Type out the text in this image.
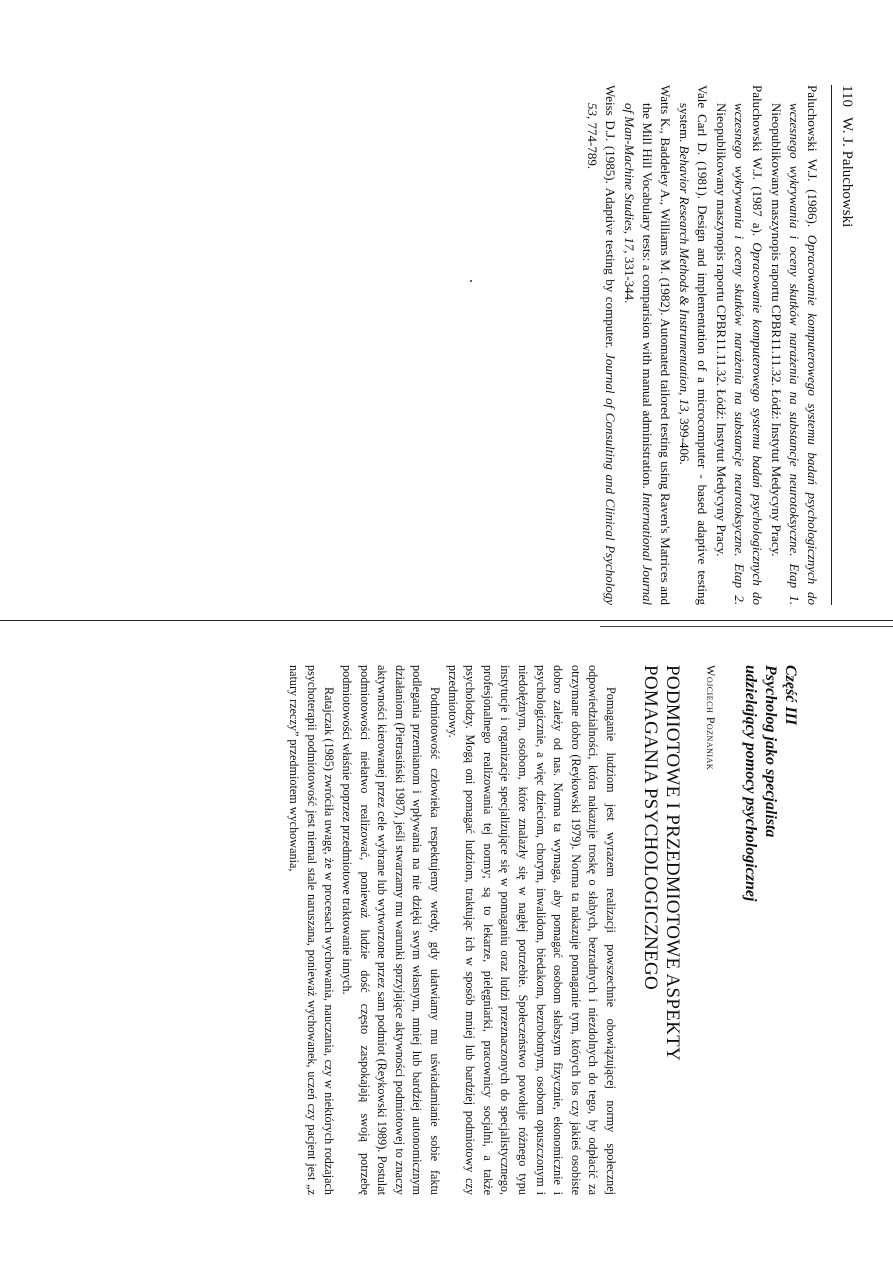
110
W. J. Paluchowski

Paluchowski W.J. (1986). Opracowanie komputerowego systemu badań psychologicznych do wczesnego wykrywania i oceny skutków narażenia na substancje neurotoksyczne. Etap 1. Nieopublikowany maszynopis raportu CPBR11.11.32. Łódź: Instytut Medycyny Pracy.

Paluchowski W.J. (1987 a). Opracowanie komputerowego systemu badań psychologicznych do wczesnego wykrywania i oceny skutków narażenia na substancje neurotoksyczne. Etap 2. Nieopublikowany maszynopis raportu CPBR11.11.32. Łódź: Instytut Medycyny Pracy.

Vale Carl D. (1981). Design and implementation of a microcomputer - based adaptive testing system. Behavior Research Methods & Instrumentation, 13, 399-406.

Watts K., Baddeley A., Williams M. (1982). Automated tailored testing using Raven's Matrices and the Mill Hill Vocabulary tests: a comparision with manual administration. International Journal of Man-Machine Studies, 17, 331-344.

Weiss D.J. (1985). Adaptive testing by computer. Journal of Consulting and Clinical Psychology 53, 774-789.

Część III
Psycholog jako specjalista
udzielający pomocy psychologicznej
Wojciech Poznaniak
PODMIOTOWE I PRZEDMIOTOWE ASPEKTY
POMAGANIA PSYCHOLOGICZNEGO

Pomaganie ludziom jest wyrazem realizacji powszechnie obowiązującej normy społecznej odpowiedzialności, która nakazuje troskę o słabych, bezradnych i niezdolnych do tego, by odpłacić za otrzymane dobro (Reykowski 1979). Norma ta nakazuje pomaganie tym, których los czy jakieś osobiste dobro zależy od nas. Norma ta wymaga, aby pomagać osobom słabszym fizycznie, ekonomicznie i psychologicznie, a więc dzieciom, chorym, inwalidom, biedakom, bezrobotnym, osobom opuszczonym i niedołężnym, osobom, które znalazły się w nagłej potrzebie. Społeczeństwo powołuje różnego typu instytucje i organizacje specjalizujące się w pomaganiu oraz ludzi przeznaczonych do specjalistycznego, profesjonalnego realizowania tej normy; są to lekarze, pielęgniarki, pracownicy socjalni, a także psycholodzy. Mogą oni pomagać ludziom, traktując ich w sposób mniej lub bardziej podmiotowy czy przedmiotowy.

Podmiotowość człowieka respektujemy wtedy, gdy ułatwiamy mu uświadamianie sobie faktu podlegania przemianom i wpływania na nie dzięki swym własnym, mniej lub bardziej autonomicznym działaniom (Pietrasiński 1987), jeśli stwarzamy mu warunki sprzyjające aktywności podmiotowej to znaczy aktywności kierowanej przez cele wybrane lub wytworzone przez sam podmiot (Reykowski 1989). Postulat podmiotowości niełatwo realizować, ponieważ ludzie dość często zaspokajają swoją potrzebę podmiotowości właśnie poprzez przedmiotowe traktowanie innych.

Ratajczak (1985) zwróciła uwagę, że w procesach wychowania, nauczania, czy w niektórych rodzajach psychoterapii podmiotowość jest niemal stale naruszana, ponieważ wychowanek, uczeń czy pacjent jest „z natury rzeczy” przedmiotem wychowania,
